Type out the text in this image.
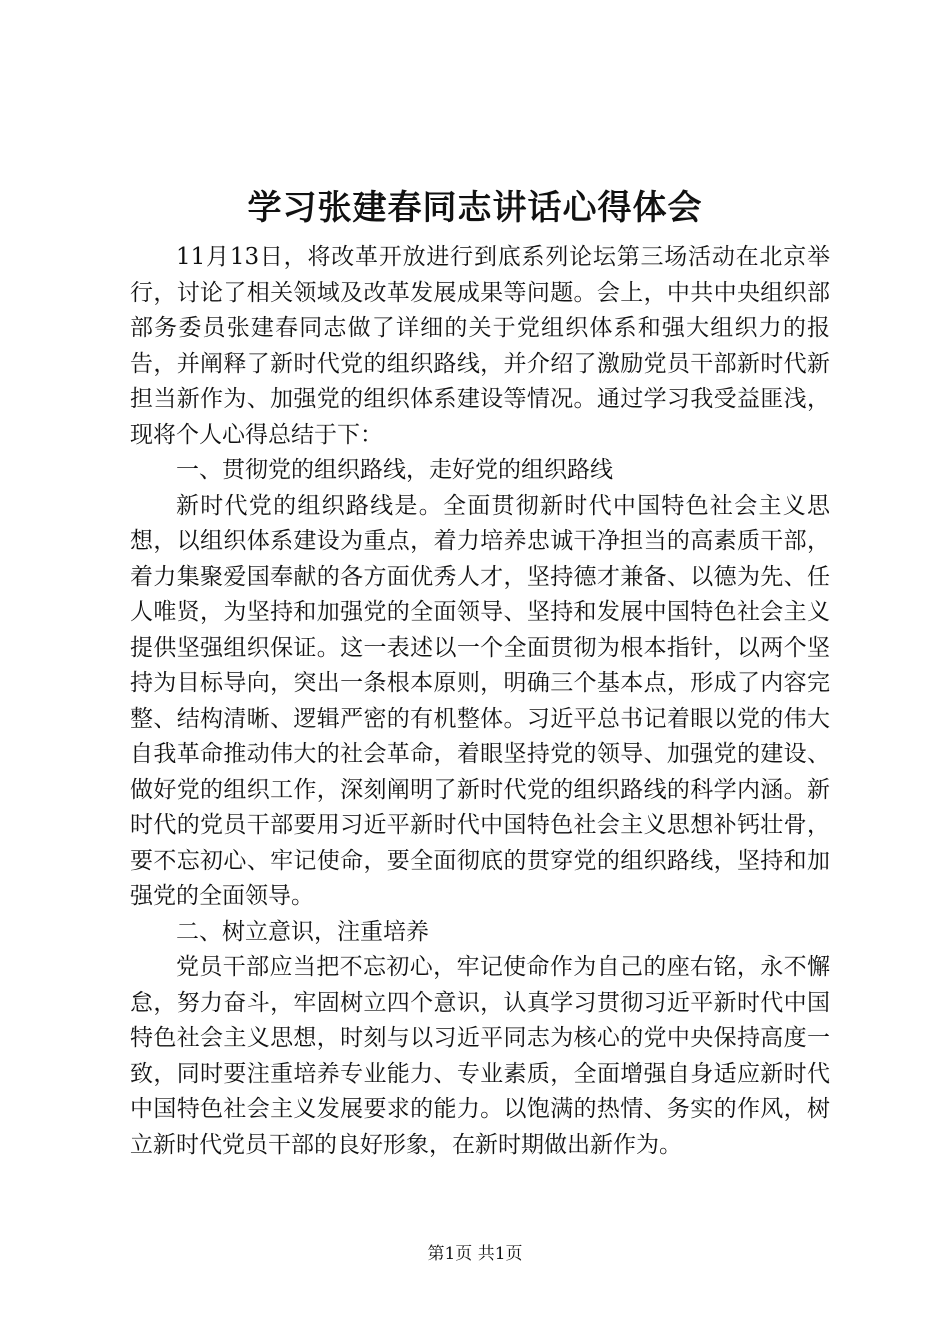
学习张建春同志讲话心得体会

11月13日，将改革开放进行到底系列论坛第三场活动在北京举行，讨论了相关领域及改革发展成果等问题。会上，中共中央组织部部务委员张建春同志做了详细的关于党组织体系和强大组织力的报告，并阐释了新时代党的组织路线，并介绍了激励党员干部新时代新担当新作为、加强党的组织体系建设等情况。通过学习我受益匪浅，现将个人心得总结于下：

一、贯彻党的组织路线，走好党的组织路线

新时代党的组织路线是。全面贯彻新时代中国特色社会主义思想，以组织体系建设为重点，着力培养忠诚干净担当的高素质干部，着力集聚爱国奉献的各方面优秀人才，坚持德才兼备、以德为先、任人唯贤，为坚持和加强党的全面领导、坚持和发展中国特色社会主义提供坚强组织保证。这一表述以一个全面贯彻为根本指针，以两个坚持为目标导向，突出一条根本原则，明确三个基本点，形成了内容完整、结构清晰、逻辑严密的有机整体。习近平总书记着眼以党的伟大自我革命推动伟大的社会革命，着眼坚持党的领导、加强党的建设、做好党的组织工作，深刻阐明了新时代党的组织路线的科学内涵。新时代的党员干部要用习近平新时代中国特色社会主义思想补钙壮骨，要不忘初心、牢记使命，要全面彻底的贯穿党的组织路线，坚持和加强党的全面领导。

二、树立意识，注重培养

党员干部应当把不忘初心，牢记使命作为自己的座右铭，永不懈怠，努力奋斗，牢固树立四个意识，认真学习贯彻习近平新时代中国特色社会主义思想，时刻与以习近平同志为核心的党中央保持高度一致，同时要注重培养专业能力、专业素质，全面增强自身适应新时代中国特色社会主义发展要求的能力。以饱满的热情、务实的作风，树立新时代党员干部的良好形象，在新时期做出新作为。

第1页 共1页
